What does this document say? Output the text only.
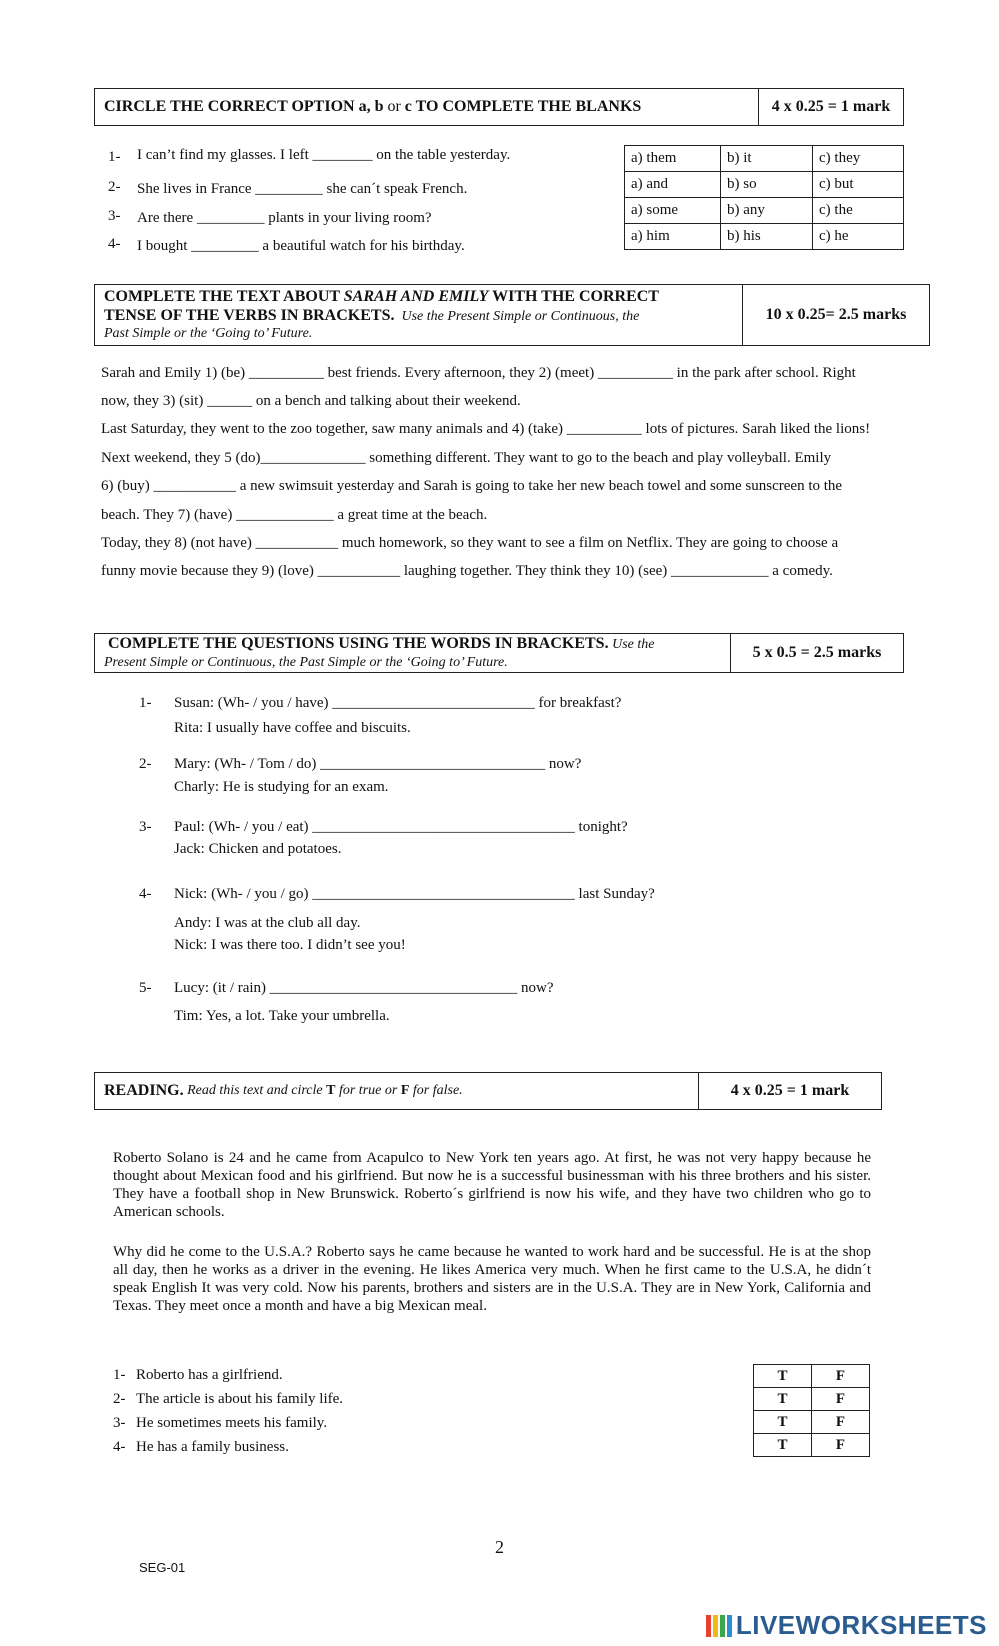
CIRCLE THE CORRECT OPTION a, b or c TO COMPLETE THE BLANKS	4 x 0.25 = 1 mark
1- I can’t find my glasses. I left ________ on the table yesterday.
2- She lives in France _________ she can´t speak French.
3- Are there _________ plants in your living room?
4- I bought _________ a beautiful watch for his birthday.
a) them	b) it	c) they
a) and	b) so	c) but
a) some	b) any	c) the
a) him	b) his	c) he
COMPLETE THE TEXT ABOUT SARAH AND EMILY WITH THE CORRECT
TENSE OF THE VERBS IN BRACKETS.  Use the Present Simple or Continuous, the
Past Simple or the ‘Going to’ Future.
10 x 0.25= 2.5 marks
Sarah and Emily 1) (be) __________ best friends. Every afternoon, they 2) (meet) __________ in the park after school. Right
now, they 3) (sit) ______ on a bench and talking about their weekend.
Last Saturday, they went to the zoo together, saw many animals and 4) (take) __________ lots of pictures. Sarah liked the lions!
Next weekend, they 5 (do)______________ something different. They want to go to the beach and play volleyball. Emily
6) (buy) ___________ a new swimsuit yesterday and Sarah is going to take her new beach towel and some sunscreen to the
beach. They 7) (have) _____________ a great time at the beach.
Today, they 8) (not have) ___________ much homework, so they want to see a film on Netflix. They are going to choose a
funny movie because they 9) (love) ___________ laughing together. They think they 10) (see) _____________ a comedy.
COMPLETE THE QUESTIONS USING THE WORDS IN BRACKETS. Use the
Present Simple or Continuous, the Past Simple or the ‘Going to’ Future.
5 x 0.5 = 2.5 marks
1- Susan: (Wh- / you / have) ___________________________ for breakfast?
Rita: I usually have coffee and biscuits.
2- Mary: (Wh- / Tom / do) ______________________________ now?
Charly: He is studying for an exam.
3- Paul: (Wh- / you / eat) ___________________________________ tonight?
Jack: Chicken and potatoes.
4- Nick: (Wh- / you / go) ___________________________________ last Sunday?
Andy: I was at the club all day.
Nick: I was there too. I didn’t see you!
5- Lucy: (it / rain) _________________________________ now?
Tim: Yes, a lot. Take your umbrella.
READING. Read this text and circle T for true or F for false.	4 x 0.25 = 1 mark
Roberto Solano is 24 and he came from Acapulco to New York ten years ago. At first, he was not very happy because he thought about Mexican food and his girlfriend. But now he is a successful businessman with his three brothers and his sister. They have a football shop in New Brunswick. Roberto´s girlfriend is now his wife, and they have two children who go to American schools.
Why did he come to the U.S.A.? Roberto says he came because he wanted to work hard and be successful. He is at the shop all day, then he works as a driver in the evening. He likes America very much. When he first came to the U.S.A, he didn´t speak English It was very cold. Now his parents, brothers and sisters are in the U.S.A. They are in New York, California and Texas. They meet once a month and have a big Mexican meal.
1- Roberto has a girlfriend.
2- The article is about his family life.
3- He sometimes meets his family.
4- He has a family business.
T	F
T	F
T	F
T	F
2
SEG-01
LIVEWORKSHEETS
